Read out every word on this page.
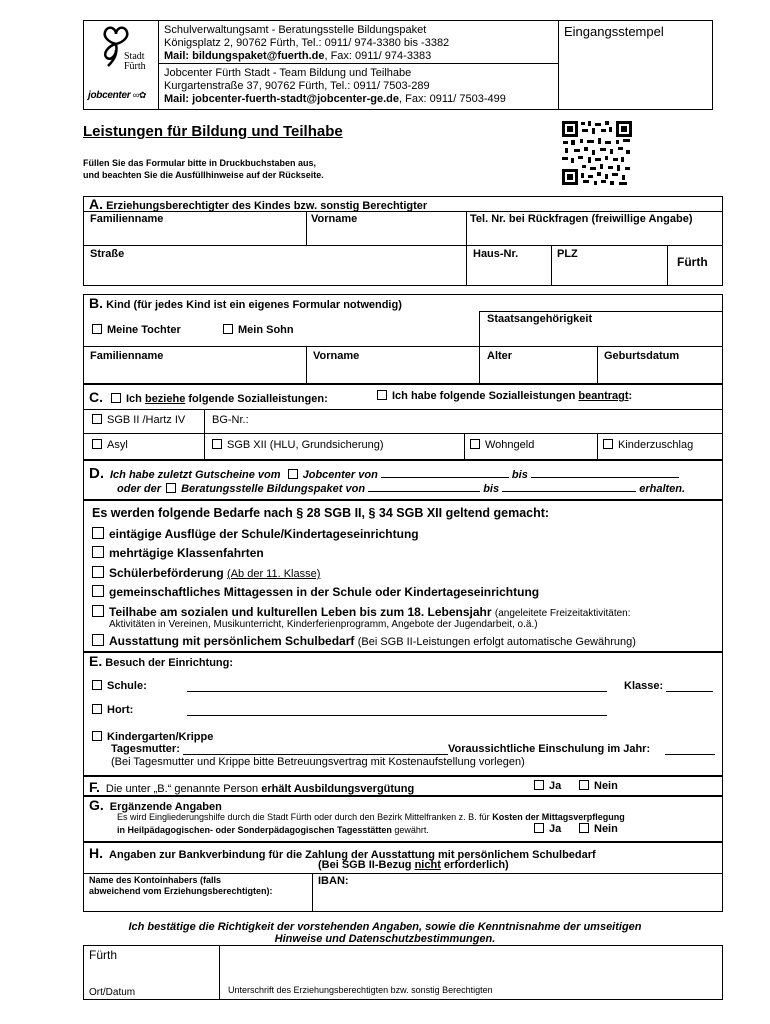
Stadt
Fürth
jobcenter ∞✿
Schulverwaltungsamt - Beratungsstelle Bildungspaket
Königsplatz 2, 90762 Fürth, Tel.: 0911/ 974-3380 bis -3382
Mail: bildungspaket@fuerth.de, Fax: 0911/ 974-3383
Jobcenter Fürth Stadt - Team Bildung und Teilhabe
Kurgartenstraße 37, 90762 Fürth, Tel.: 0911/ 7503-289
Mail: jobcenter-fuerth-stadt@jobcenter-ge.de, Fax: 0911/ 7503-499
Eingangsstempel
Leistungen für Bildung und Teilhabe
Füllen Sie das Formular bitte in Druckbuchstaben aus,
und beachten Sie die Ausfüllhinweise auf der Rückseite.
A. Erziehungsberechtigter des Kindes bzw. sonstig Berechtigter
Familienname	Vorname	Tel. Nr. bei Rückfragen (freiwillige Angabe)
Straße	Haus-Nr.	PLZ
Fürth
B. Kind (für jedes Kind ist ein eigenes Formular notwendig)
Meine Tochter	Mein Sohn
Staatsangehörigkeit
Familienname	Vorname	Alter	Geburtsdatum
C. Ich beziehe folgende Sozialleistungen:	Ich habe folgende Sozialleistungen beantragt:
SGB II /Hartz IV BG-Nr.:
Asyl	SGB XII (HLU, Grundsicherung)	Wohngeld	Kinderzuschlag
D. Ich habe zuletzt Gutscheine vom Jobcenter von	bis
oder der Beratungsstelle Bildungspaket von	bis	erhalten.
Es werden folgende Bedarfe nach § 28 SGB II, § 34 SGB XII geltend gemacht:
eintägige Ausflüge der Schule/Kindertageseinrichtung
mehrtägige Klassenfahrten
Schülerbeförderung (Ab der 11. Klasse)
gemeinschaftliches Mittagessen in der Schule oder Kindertageseinrichtung
Teilhabe am sozialen und kulturellen Leben bis zum 18. Lebensjahr (angeleitete Freizeitaktivitäten:
Aktivitäten in Vereinen, Musikunterricht, Kinderferienprogramm, Angebote der Jugendarbeit, o.ä.)
Ausstattung mit persönlichem Schulbedarf (Bei SGB II-Leistungen erfolgt automatische Gewährung)
E. Besuch der Einrichtung:
Schule:	Klasse:
Hort:
Kindergarten/Krippe
Tagesmutter:	Voraussichtliche Einschulung im Jahr:
(Bei Tagesmutter und Krippe bitte Betreuungsvertrag mit Kostenaufstellung vorlegen)
F. Die unter „B.“ genannte Person erhält Ausbildungsvergütung	Ja	Nein
G. Ergänzende Angaben
Es wird Eingliederungshilfe durch die Stadt Fürth oder durch den Bezirk Mittelfranken z. B. für Kosten der Mittagsverpflegung
in Heilpädagogischen- oder Sonderpädagogischen Tagesstätten gewährt.	Ja	Nein
H. Angaben zur Bankverbindung für die Zahlung der Ausstattung mit persönlichem Schulbedarf
(Bei SGB II-Bezug nicht erforderlich)
Name des Kontoinhabers (falls
abweichend vom Erziehungsberechtigten):
IBAN:
Ich bestätige die Richtigkeit der vorstehenden Angaben, sowie die Kenntnisnahme der umseitigen
Hinweise und Datenschutzbestimmungen.
Fürth
Ort/Datum	Unterschrift des Erziehungsberechtigten bzw. sonstig Berechtigten
